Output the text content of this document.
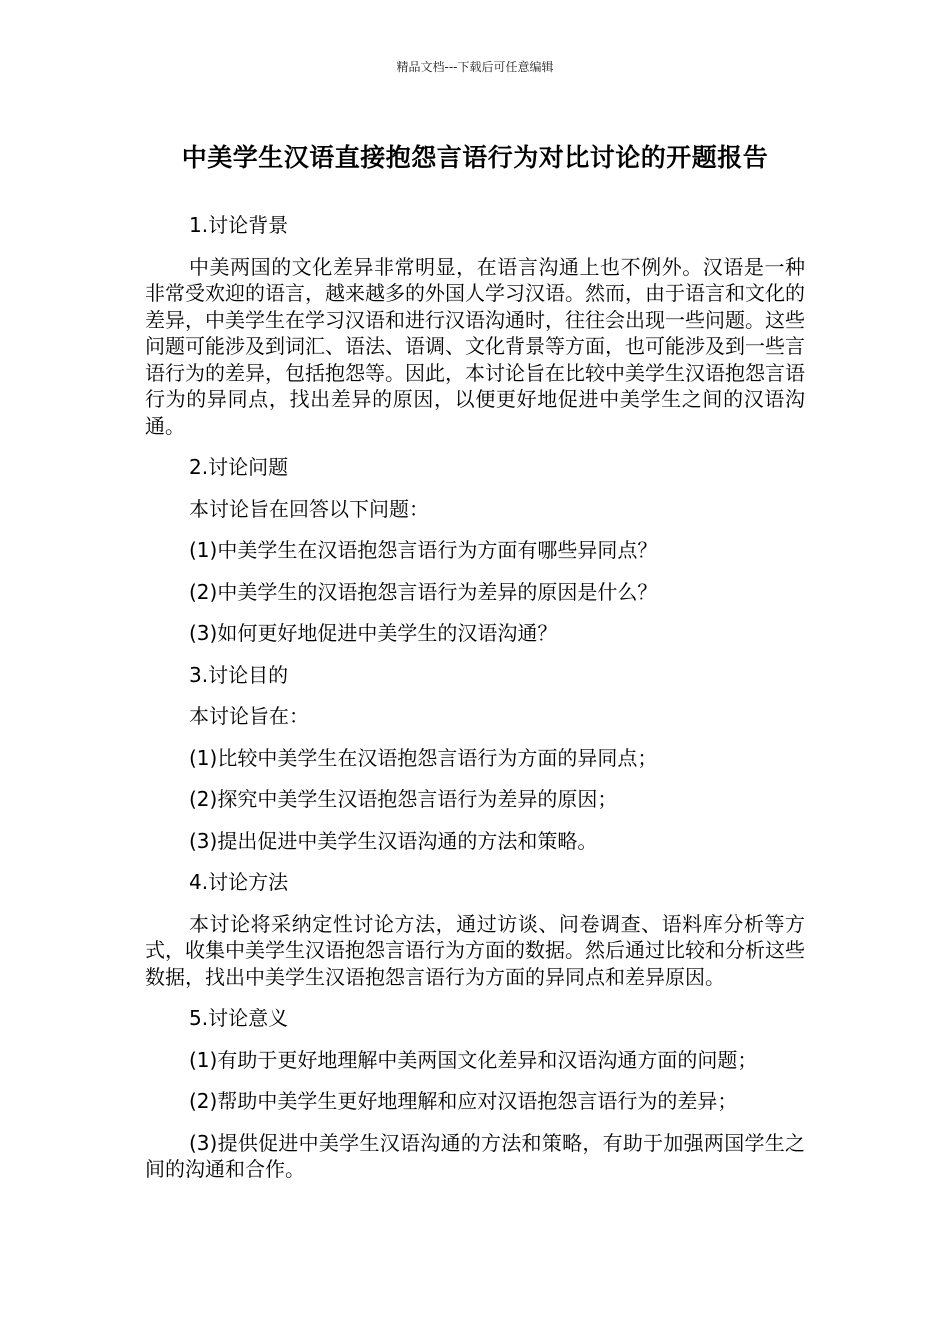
精品文档---下载后可任意编辑
中美学生汉语直接抱怨言语行为对比讨论的开题报告

1.讨论背景

中美两国的文化差异非常明显，在语言沟通上也不例外。汉语是一种非常受欢迎的语言，越来越多的外国人学习汉语。然而，由于语言和文化的差异，中美学生在学习汉语和进行汉语沟通时，往往会出现一些问题。这些问题可能涉及到词汇、语法、语调、文化背景等方面，也可能涉及到一些言语行为的差异，包括抱怨等。因此，本讨论旨在比较中美学生汉语抱怨言语行为的异同点，找出差异的原因，以便更好地促进中美学生之间的汉语沟通。

2.讨论问题

本讨论旨在回答以下问题：

(1)中美学生在汉语抱怨言语行为方面有哪些异同点？

(2)中美学生的汉语抱怨言语行为差异的原因是什么？

(3)如何更好地促进中美学生的汉语沟通？

3.讨论目的

本讨论旨在：

(1)比较中美学生在汉语抱怨言语行为方面的异同点；

(2)探究中美学生汉语抱怨言语行为差异的原因；

(3)提出促进中美学生汉语沟通的方法和策略。

4.讨论方法

本讨论将采纳定性讨论方法，通过访谈、问卷调查、语料库分析等方式，收集中美学生汉语抱怨言语行为方面的数据。然后通过比较和分析这些数据，找出中美学生汉语抱怨言语行为方面的异同点和差异原因。

5.讨论意义

(1)有助于更好地理解中美两国文化差异和汉语沟通方面的问题；

(2)帮助中美学生更好地理解和应对汉语抱怨言语行为的差异；

(3)提供促进中美学生汉语沟通的方法和策略，有助于加强两国学生之间的沟通和合作。
